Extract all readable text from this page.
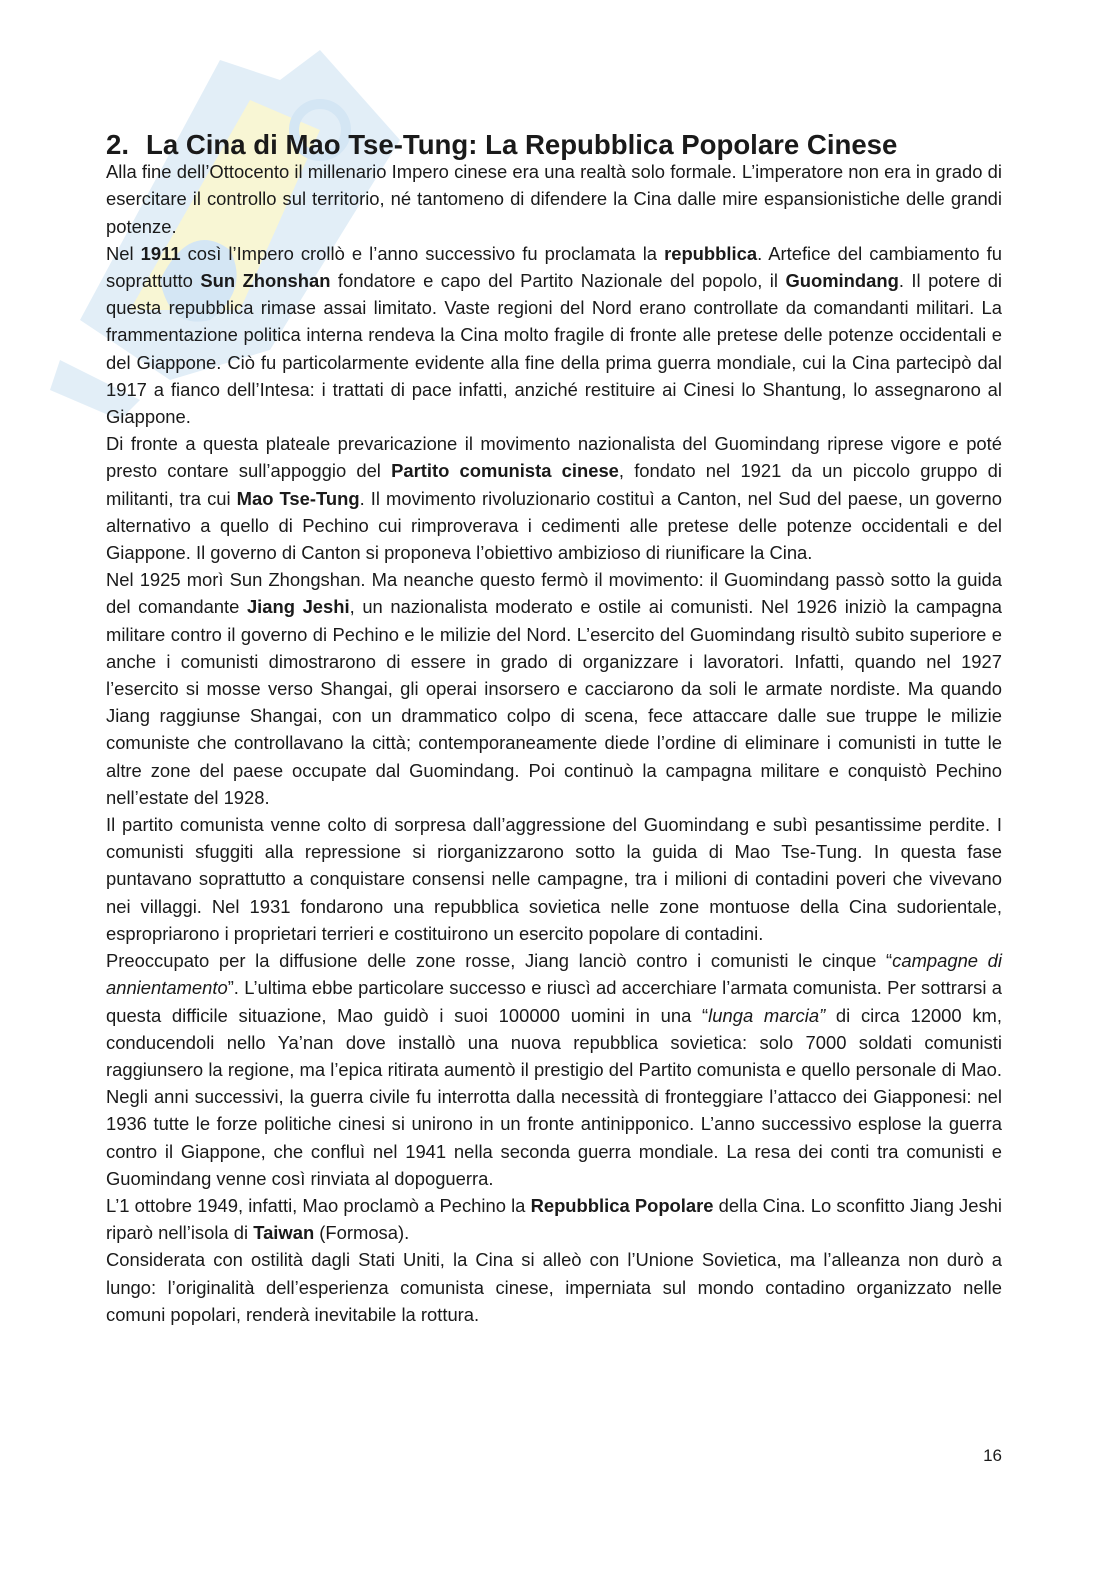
2. La Cina di Mao Tse-Tung: La Repubblica Popolare Cinese

Alla fine dell’Ottocento il millenario Impero cinese era una realtà solo formale. L’imperatore non era in grado di esercitare il controllo sul territorio, né tantomeno di difendere la Cina dalle mire espansionistiche delle grandi potenze.

Nel 1911 così l’Impero crollò e l’anno successivo fu proclamata la repubblica. Artefice del cambiamento fu soprattutto Sun Zhonshan fondatore e capo del Partito Nazionale del popolo, il Guomindang. Il potere di questa repubblica rimase assai limitato. Vaste regioni del Nord erano controllate da comandanti militari. La frammentazione politica interna rendeva la Cina molto fragile di fronte alle pretese delle potenze occidentali e del Giappone. Ciò fu particolarmente evidente alla fine della prima guerra mondiale, cui la Cina partecipò dal 1917 a fianco dell’Intesa: i trattati di pace infatti, anziché restituire ai Cinesi lo Shantung, lo assegnarono al Giappone.

Di fronte a questa plateale prevaricazione il movimento nazionalista del Guomindang riprese vigore e poté presto contare sull’appoggio del Partito comunista cinese, fondato nel 1921 da un piccolo gruppo di militanti, tra cui Mao Tse-Tung. Il movimento rivoluzionario costituì a Canton, nel Sud del paese, un governo alternativo a quello di Pechino cui rimproverava i cedimenti alle pretese delle potenze occidentali e del Giappone. Il governo di Canton si proponeva l’obiettivo ambizioso di riunificare la Cina.

Nel 1925 morì Sun Zhongshan. Ma neanche questo fermò il movimento: il Guomindang passò sotto la guida del comandante Jiang Jeshi, un nazionalista moderato e ostile ai comunisti. Nel 1926 iniziò la campagna militare contro il governo di Pechino e le milizie del Nord. L’esercito del Guomindang risultò subito superiore e anche i comunisti dimostrarono di essere in grado di organizzare i lavoratori. Infatti, quando nel 1927 l’esercito si mosse verso Shangai, gli operai insorsero e cacciarono da soli le armate nordiste. Ma quando Jiang raggiunse Shangai, con un drammatico colpo di scena, fece attaccare dalle sue truppe le milizie comuniste che controllavano la città; contemporaneamente diede l’ordine di eliminare i comunisti in tutte le altre zone del paese occupate dal Guomindang. Poi continuò la campagna militare e conquistò Pechino nell’estate del 1928.

Il partito comunista venne colto di sorpresa dall’aggressione del Guomindang e subì pesantissime perdite. I comunisti sfuggiti alla repressione si riorganizzarono sotto la guida di Mao Tse-Tung. In questa fase puntavano soprattutto a conquistare consensi nelle campagne, tra i milioni di contadini poveri che vivevano nei villaggi. Nel 1931 fondarono una repubblica sovietica nelle zone montuose della Cina sudorientale, espropriarono i proprietari terrieri e costituirono un esercito popolare di contadini.

Preoccupato per la diffusione delle zone rosse, Jiang lanciò contro i comunisti le cinque “campagne di annientamento”. L’ultima ebbe particolare successo e riuscì ad accerchiare l’armata comunista. Per sottrarsi a questa difficile situazione, Mao guidò i suoi 100000 uomini in una “lunga marcia” di circa 12000 km, conducendoli nello Ya’nan dove installò una nuova repubblica sovietica: solo 7000 soldati comunisti raggiunsero la regione, ma l’epica ritirata aumentò il prestigio del Partito comunista e quello personale di Mao. Negli anni successivi, la guerra civile fu interrotta dalla necessità di fronteggiare l’attacco dei Giapponesi: nel 1936 tutte le forze politiche cinesi si unirono in un fronte antinipponico. L’anno successivo esplose la guerra contro il Giappone, che confluì nel 1941 nella seconda guerra mondiale. La resa dei conti tra comunisti e Guomindang venne così rinviata al dopoguerra.

L’1 ottobre 1949, infatti, Mao proclamò a Pechino la Repubblica Popolare della Cina. Lo sconfitto Jiang Jeshi riparò nell’isola di Taiwan (Formosa).

Considerata con ostilità dagli Stati Uniti, la Cina si alleò con l’Unione Sovietica, ma l’alleanza non durò a lungo: l’originalità dell’esperienza comunista cinese, imperniata sul mondo contadino organizzato nelle comuni popolari, renderà inevitabile la rottura.

16
